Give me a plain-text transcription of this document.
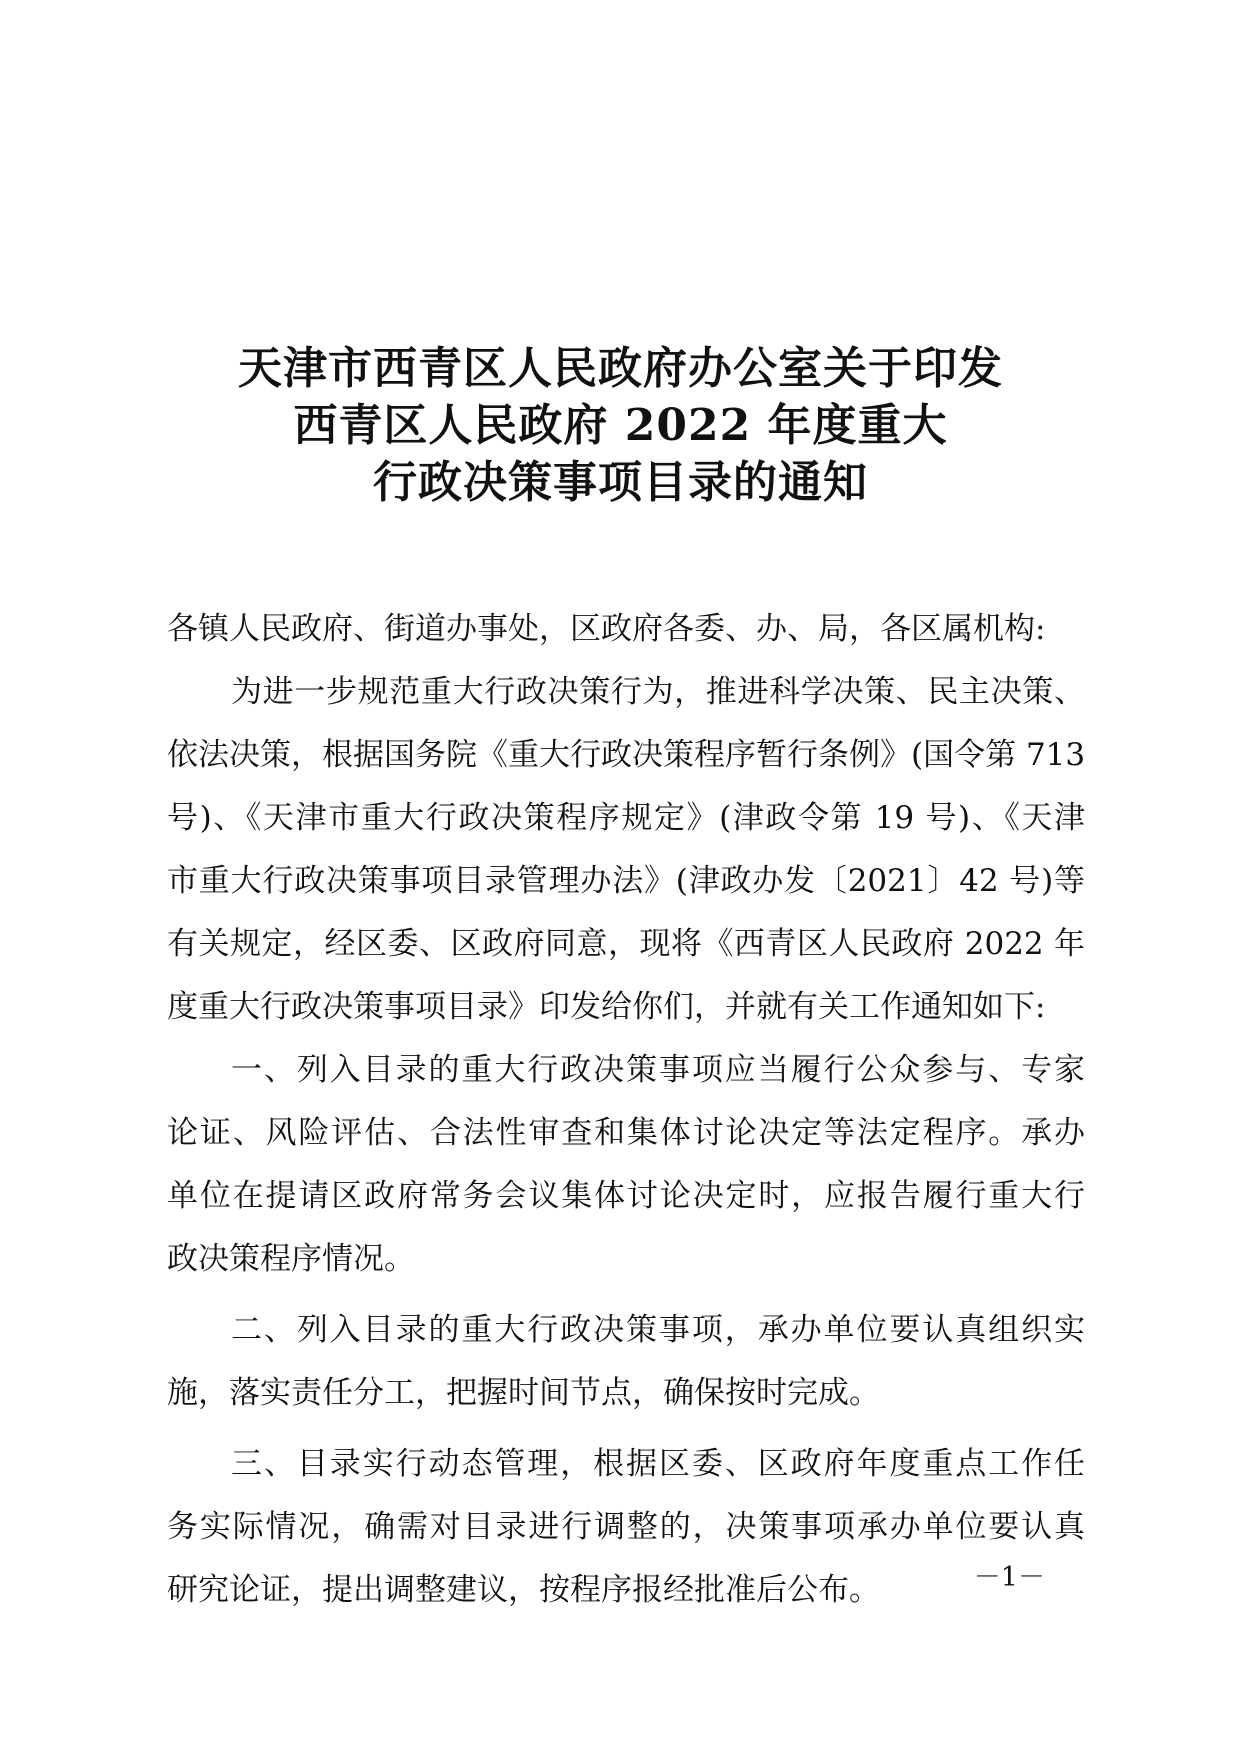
天津市西青区人民政府办公室关于印发
西青区人民政府 2022 年度重大
行政决策事项目录的通知
各镇人民政府、街道办事处，区政府各委、办、局，各区属机构:
为进一步规范重大行政决策行为，推进科学决策、民主决策、
依法决策，根据国务院《重大行政决策程序暂行条例》(国令第 713
号)、《天津市重大行政决策程序规定》(津政令第 19 号)、《天津
市重大行政决策事项目录管理办法》(津政办发〔2021〕42 号)等
有关规定，经区委、区政府同意，现将《西青区人民政府 2022 年
度重大行政决策事项目录》印发给你们，并就有关工作通知如下:
一、列入目录的重大行政决策事项应当履行公众参与、专家
论证、风险评估、合法性审查和集体讨论决定等法定程序。承办
单位在提请区政府常务会议集体讨论决定时，应报告履行重大行
政决策程序情况。
二、列入目录的重大行政决策事项，承办单位要认真组织实
施，落实责任分工，把握时间节点，确保按时完成。
三、目录实行动态管理，根据区委、区政府年度重点工作任
务实际情况，确需对目录进行调整的，决策事项承办单位要认真
研究论证，提出调整建议，按程序报经批准后公布。	－1－
